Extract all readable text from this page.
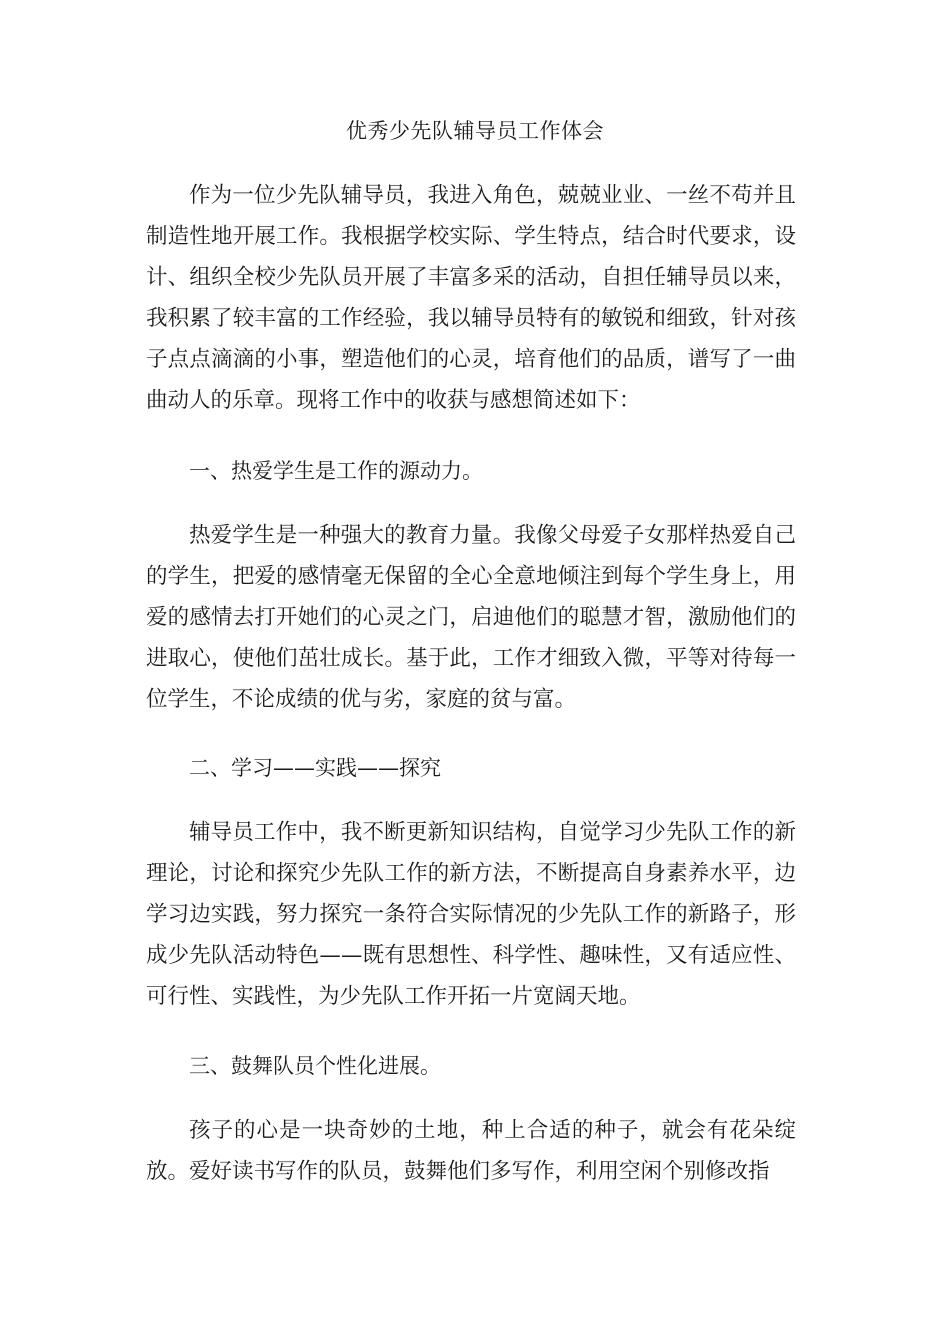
优秀少先队辅导员工作体会

作为一位少先队辅导员，我进入角色，兢兢业业、一丝不苟并且制造性地开展工作。我根据学校实际、学生特点，结合时代要求，设计、组织全校少先队员开展了丰富多采的活动，自担任辅导员以来，我积累了较丰富的工作经验，我以辅导员特有的敏锐和细致，针对孩子点点滴滴的小事，塑造他们的心灵，培育他们的品质，谱写了一曲曲动人的乐章。现将工作中的收获与感想简述如下：

一、热爱学生是工作的源动力。

热爱学生是一种强大的教育力量。我像父母爱子女那样热爱自己的学生，把爱的感情毫无保留的全心全意地倾注到每个学生身上，用爱的感情去打开她们的心灵之门，启迪他们的聪慧才智，激励他们的进取心，使他们茁壮成长。基于此，工作才细致入微，平等对待每一位学生，不论成绩的优与劣，家庭的贫与富。

二、学习——实践——探究

辅导员工作中，我不断更新知识结构，自觉学习少先队工作的新理论，讨论和探究少先队工作的新方法，不断提高自身素养水平，边学习边实践，努力探究一条符合实际情况的少先队工作的新路子，形成少先队活动特色——既有思想性、科学性、趣味性，又有适应性、可行性、实践性，为少先队工作开拓一片宽阔天地。

三、鼓舞队员个性化进展。

孩子的心是一块奇妙的土地，种上合适的种子，就会有花朵绽放。爱好读书写作的队员，鼓舞他们多写作，利用空闲个别修改指
